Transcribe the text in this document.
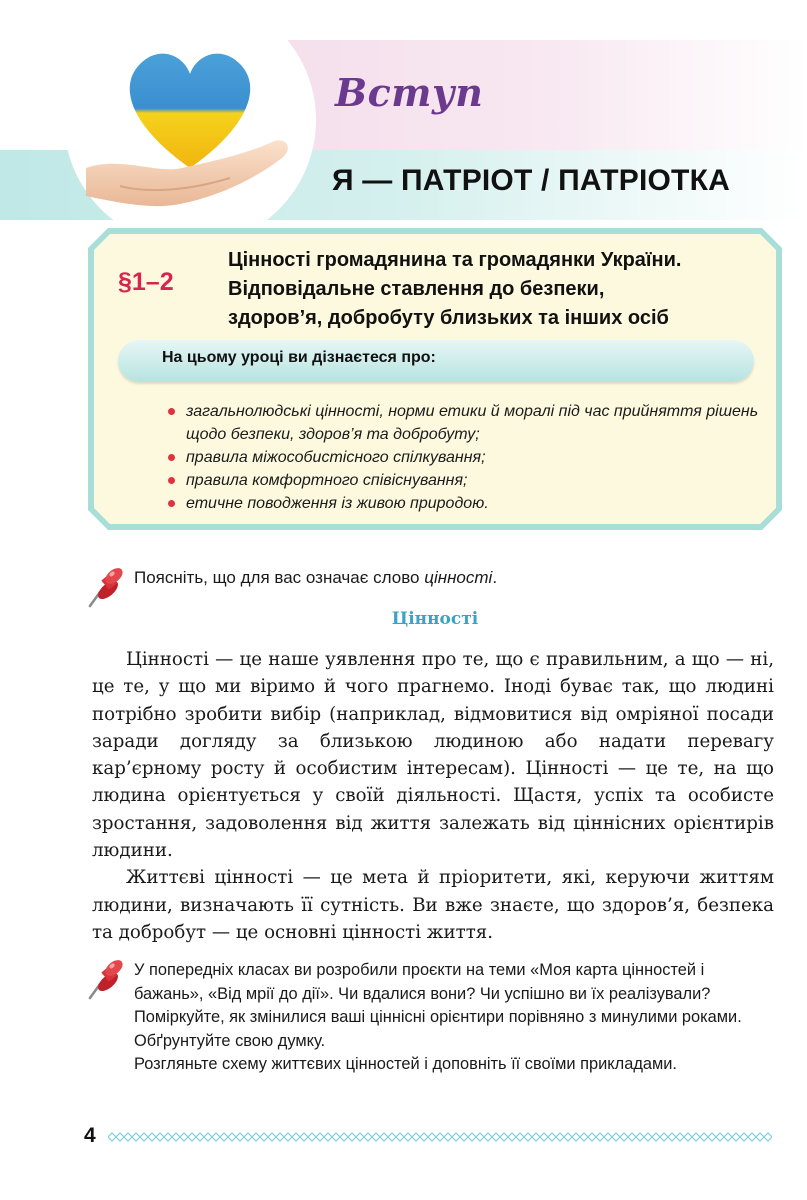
Вступ
Я — ПАТРІОТ / ПАТРІОТКА
§1–2
Цінності громадянина та громадянки України.
Відповідальне ставлення до безпеки,
здоров’я, добробуту близьких та інших осіб
На цьому уроці ви дізнаєтеся про:
загальнолюдські цінності, норми етики й моралі під час прийняття рішень щодо безпеки, здоров’я та добробуту;
правила міжособистісного спілкування;
правила комфортного співіснування;
етичне поводження із живою природою.
Поясніть, що для вас означає слово цінності.
Цінності

Цінності — це наше уявлення про те, що є правильним, а що — ні, це те, у що ми віримо й чого прагнемо. Іноді буває так, що людині потрібно зробити вибір (наприклад, відмовитися від омріяної посади заради догляду за близькою людиною або надати перевагу кар’єрному росту й особистим інтересам). Цінності — це те, на що людина орієнтується у своїй діяльності. Щастя, успіх та особисте зростання, задоволення від життя залежать від ціннісних орієнтирів людини.

Життєві цінності — це мета й пріоритети, які, керуючи життям людини, визначають її сутність. Ви вже знаєте, що здоров’я, безпека та добробут — це основні цінності життя.

У попередніх класах ви розробили проєкти на теми «Моя карта цінностей і бажань», «Від мрії до дії». Чи вдалися вони? Чи успішно ви їх реалізували? Поміркуйте, як змінилися ваші ціннісні орієнтири порівняно з минулими роками. Обґрунтуйте свою думку.

Розгляньте схему життєвих цінностей і доповніть її своїми прикладами.

4
